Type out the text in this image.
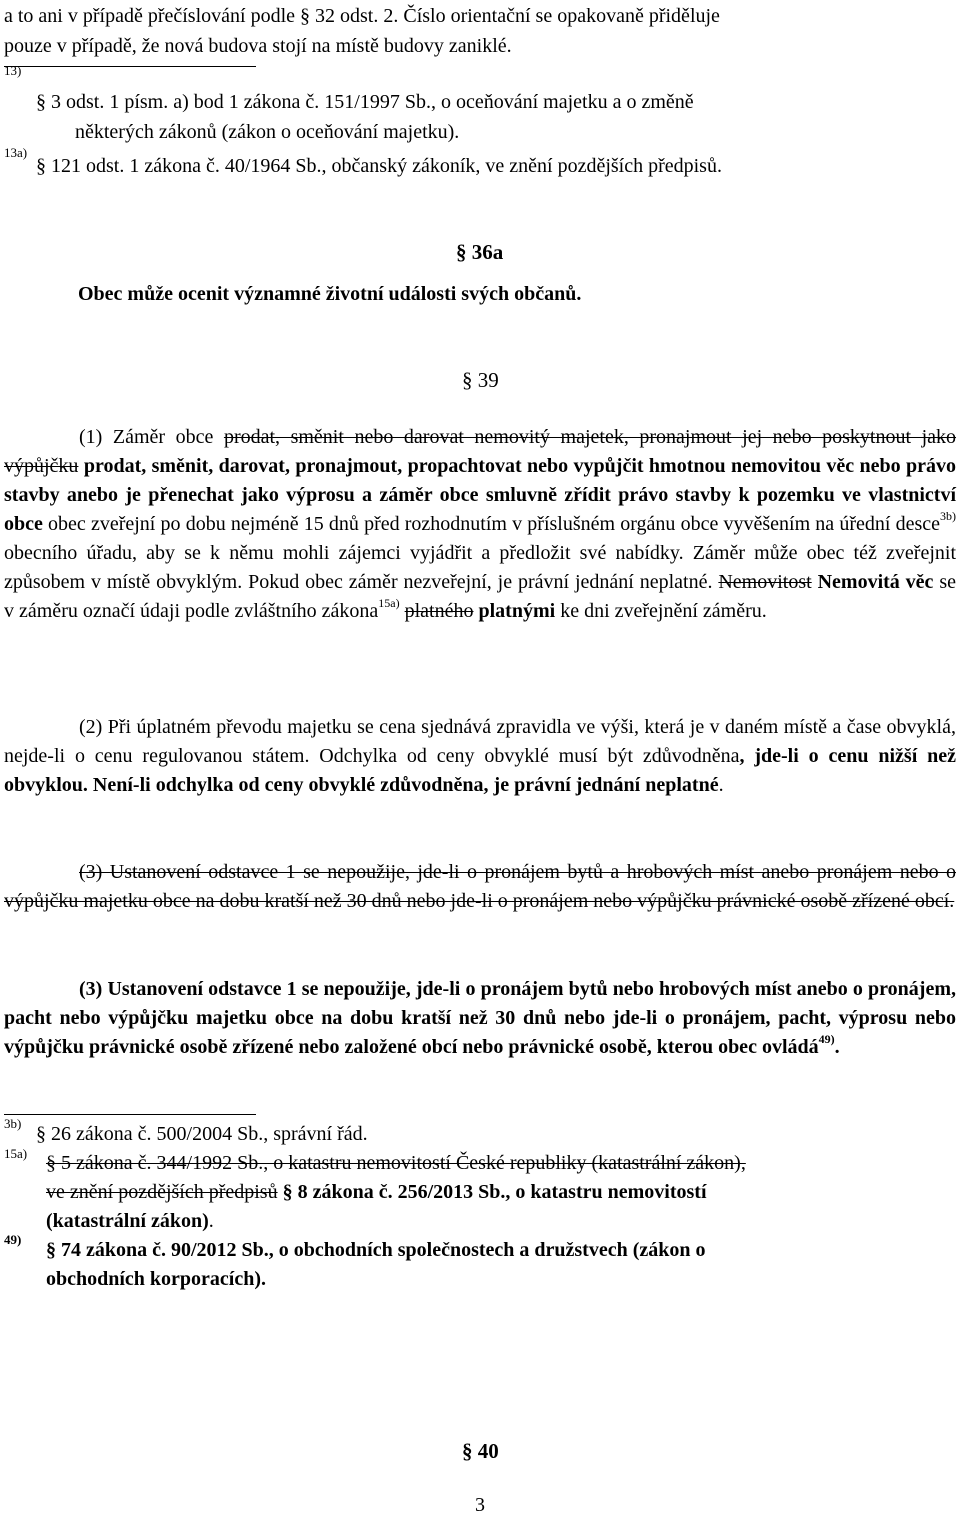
a to ani v případě přečíslování podle § 32 odst. 2. Číslo orientační se opakovaně přiděluje
pouze v případě, že nová budova stojí na místě budovy zaniklé.
13)
§ 3 odst. 1 písm. a) bod 1 zákona č. 151/1997 Sb., o oceňování majetku a o změně
některých zákonů (zákon o oceňování majetku).
13a)
§ 121 odst. 1 zákona č. 40/1964 Sb., občanský zákoník, ve znění pozdějších předpisů.
§ 36a
Obec může ocenit významné životní události svých občanů.
§ 39
(1) Záměr obce prodat, směnit nebo darovat nemovitý majetek, pronajmout jej nebo poskytnout jako výpůjčku prodat, směnit, darovat, pronajmout, propachtovat nebo vypůjčit hmotnou nemovitou věc nebo právo stavby anebo je přenechat jako výprosu a záměr obce smluvně zřídit právo stavby k pozemku ve vlastnictví obce obec zveřejní po dobu nejméně 15 dnů před rozhodnutím v příslušném orgánu obce vyvěšením na úřední desce$^{3b)}$ obecního úřadu, aby se k němu mohli zájemci vyjádřit a předložit své nabídky. Záměr může obec též zveřejnit způsobem v místě obvyklým. Pokud obec záměr nezveřejní, je právní jednání neplatné. Nemovitost Nemovitá věc se v záměru označí údaji podle zvláštního zákona$^{15a)}$ platného platnými ke dni zveřejnění záměru.
(2) Při úplatném převodu majetku se cena sjednává zpravidla ve výši, která je v daném místě a čase obvyklá, nejde-li o cenu regulovanou státem. Odchylka od ceny obvyklé musí být zdůvodněna, jde-li o cenu nižší než obvyklou. Není-li odchylka od ceny obvyklé zdůvodněna, je právní jednání neplatné.
(3) Ustanovení odstavce 1 se nepoužije, jde-li o pronájem bytů a hrobových míst anebo pronájem nebo o výpůjčku majetku obce na dobu kratší než 30 dnů nebo jde-li o pronájem nebo výpůjčku právnické osobě zřízené obcí.
(3) Ustanovení odstavce 1 se nepoužije, jde-li o pronájem bytů nebo hrobových míst anebo o pronájem, pacht nebo výpůjčku majetku obce na dobu kratší než 30 dnů nebo jde-li o pronájem, pacht, výprosu nebo výpůjčku právnické osobě zřízené nebo založené obcí nebo právnické osobě, kterou obec ovládá$^{49)}$.
3b) § 26 zákona č. 500/2004 Sb., správní řád.
15a) § 5 zákona č. 344/1992 Sb., o katastru nemovitostí České republiky (katastrální zákon),
ve znění pozdějších předpisů § 8 zákona č. 256/2013 Sb., o katastru nemovitostí
(katastrální zákon).
49) § 74 zákona č. 90/2012 Sb., o obchodních společnostech a družstvech (zákon o
obchodních korporacích).
§ 40
3
